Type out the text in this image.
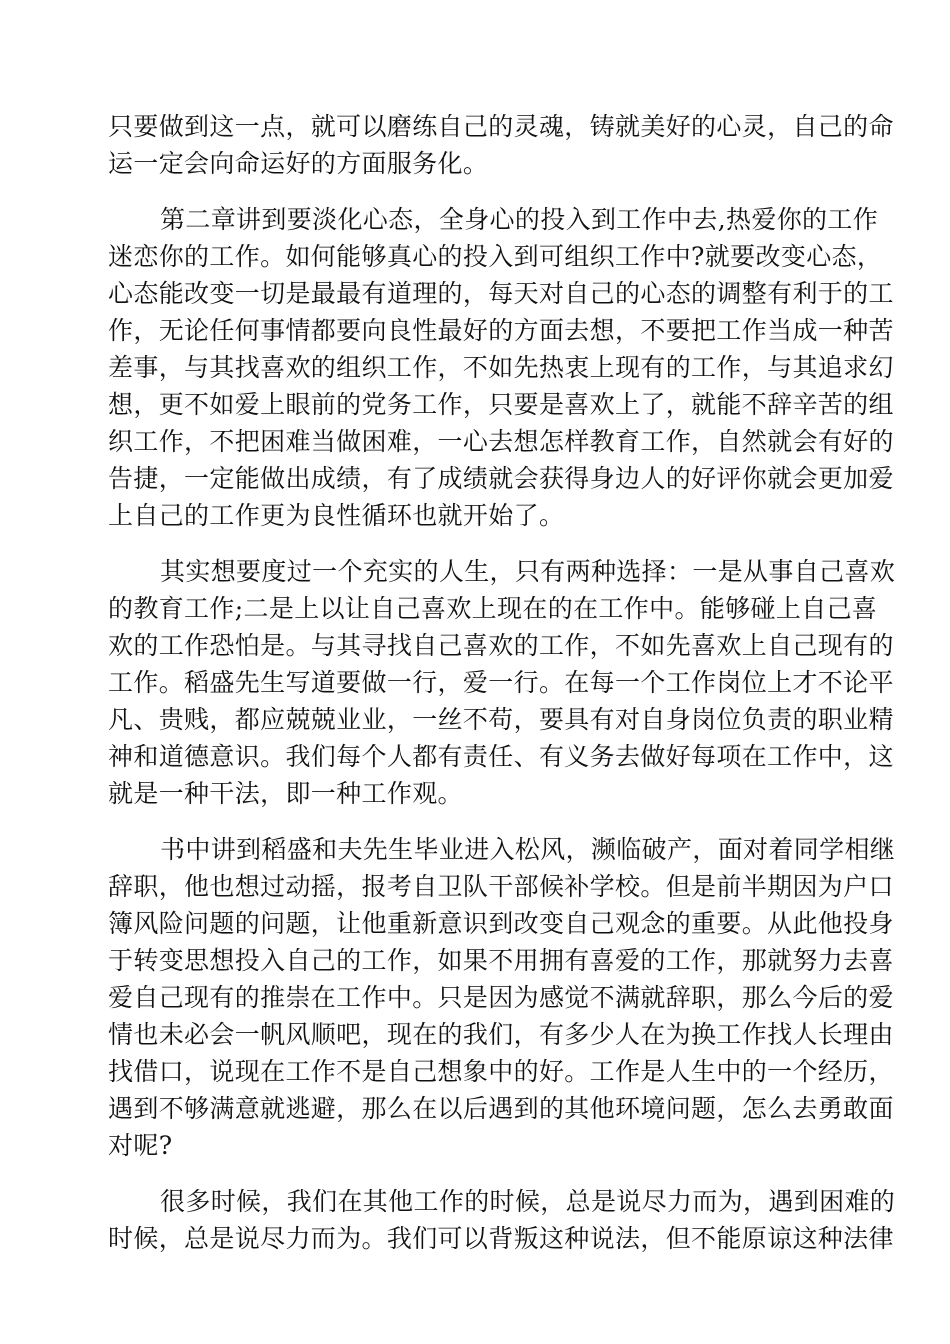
只要做到这一点，就可以磨练自己的灵魂，铸就美好的心灵，自己的命
运一定会向命运好的方面服务化。
第二章讲到要淡化心态，全身心的投入到工作中去,热爱你的工作
迷恋你的工作。如何能够真心的投入到可组织工作中?就要改变心态，
心态能改变一切是最最有道理的，每天对自己的心态的调整有利于的工
作，无论任何事情都要向良性最好的方面去想，不要把工作当成一种苦
差事，与其找喜欢的组织工作，不如先热衷上现有的工作，与其追求幻
想，更不如爱上眼前的党务工作，只要是喜欢上了，就能不辞辛苦的组
织工作，不把困难当做困难，一心去想怎样教育工作，自然就会有好的
告捷，一定能做出成绩，有了成绩就会获得身边人的好评你就会更加爱
上自己的工作更为良性循环也就开始了。
其实想要度过一个充实的人生，只有两种选择：一是从事自己喜欢
的教育工作;二是上以让自己喜欢上现在的在工作中。能够碰上自己喜
欢的工作恐怕是。与其寻找自己喜欢的工作，不如先喜欢上自己现有的
工作。稻盛先生写道要做一行，爱一行。在每一个工作岗位上才不论平
凡、贵贱，都应兢兢业业，一丝不苟，要具有对自身岗位负责的职业精
神和道德意识。我们每个人都有责任、有义务去做好每项在工作中，这
就是一种干法，即一种工作观。
书中讲到稻盛和夫先生毕业进入松风，濒临破产，面对着同学相继
辞职，他也想过动摇，报考自卫队干部候补学校。但是前半期因为户口
簿风险问题的问题，让他重新意识到改变自己观念的重要。从此他投身
于转变思想投入自己的工作，如果不用拥有喜爱的工作，那就努力去喜
爱自己现有的推崇在工作中。只是因为感觉不满就辞职，那么今后的爱
情也未必会一帆风顺吧，现在的我们，有多少人在为换工作找人长理由
找借口，说现在工作不是自己想象中的好。工作是人生中的一个经历，
遇到不够满意就逃避，那么在以后遇到的其他环境问题，怎么去勇敢面
对呢?
很多时候，我们在其他工作的时候，总是说尽力而为，遇到困难的
时候，总是说尽力而为。我们可以背叛这种说法，但不能原谅这种法律
